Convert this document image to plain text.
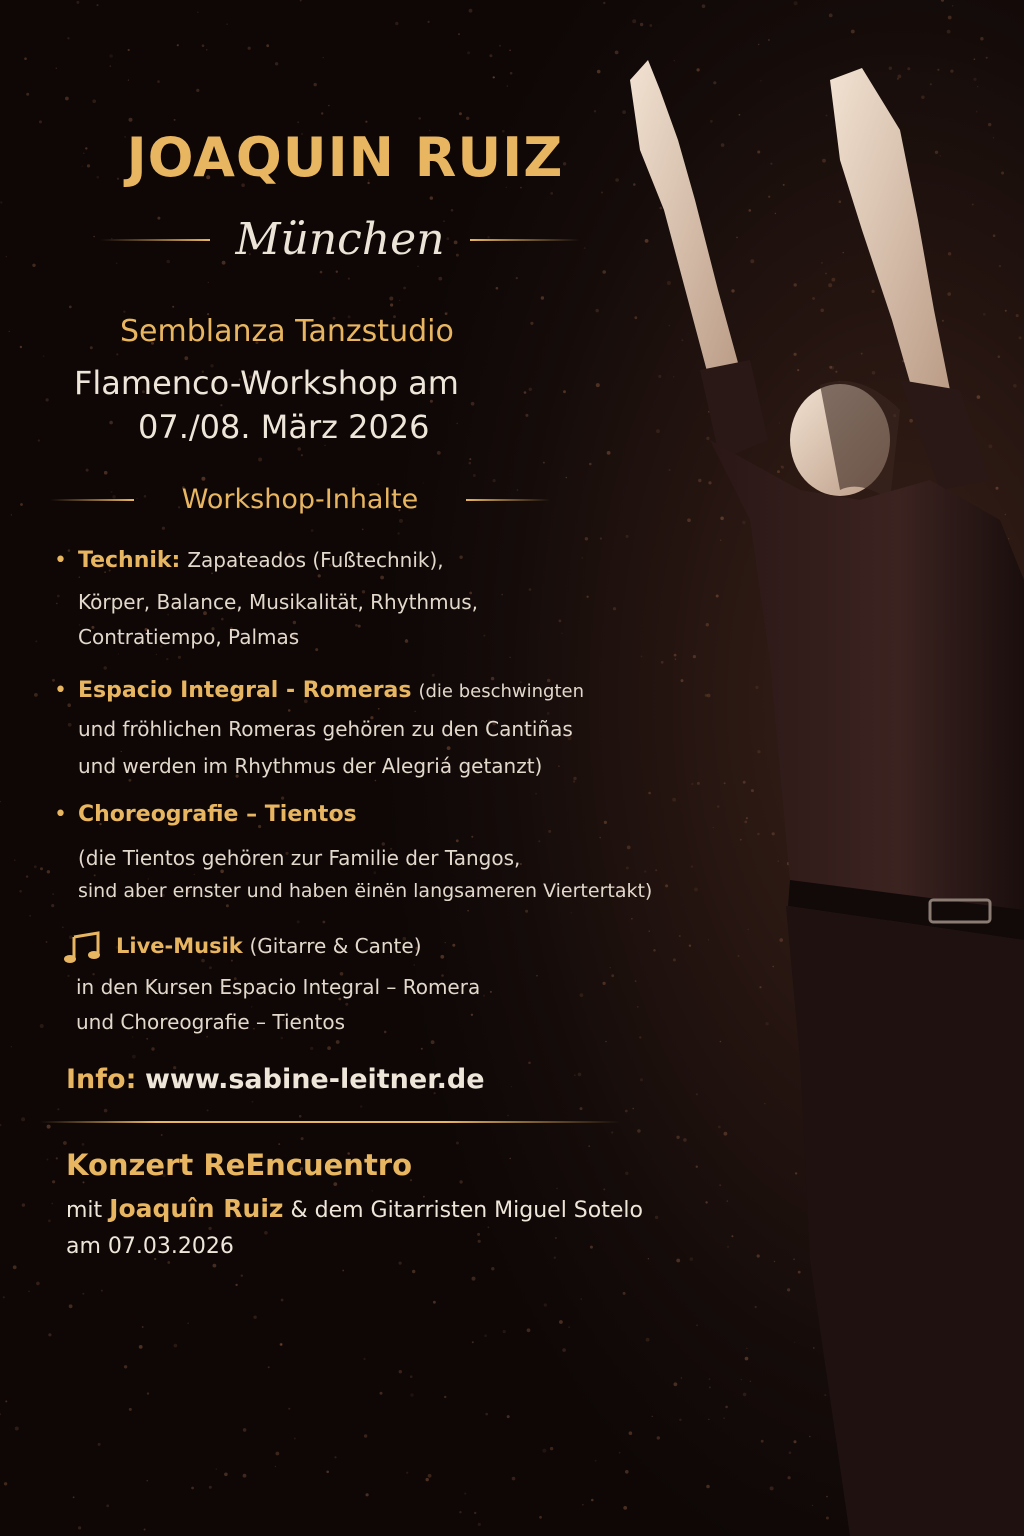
JOAQUIN RUIZ
München
Semblanza Tanzstudio
Flamenco-Workshop am
07./08. März 2026
Workshop-Inhalte
• Technik: Zapateados (Fußtechnik),
Körper, Balance, Musikalität, Rhythmus,
Contratiempo, Palmas
• Espacio Integral - Romeras (die beschwingten
und fröhlichen Romeras gehören zu den Cantiñas
und werden im Rhythmus der Alegriá getanzt)
• Choreografie – Tientos
(die Tientos gehören zur Familie der Tangos,
sind aber ernster und haben ëinën langsameren Viertertakt)
Live-Musik (Gitarre & Cante)
in den Kursen Espacio Integral – Romera
und Choreografie – Tientos
Info: www.sabine-leitner.de
Konzert ReEncuentro
mit Joaquîn Ruiz & dem Gitarristen Miguel Sotelo
am 07.03.2026
